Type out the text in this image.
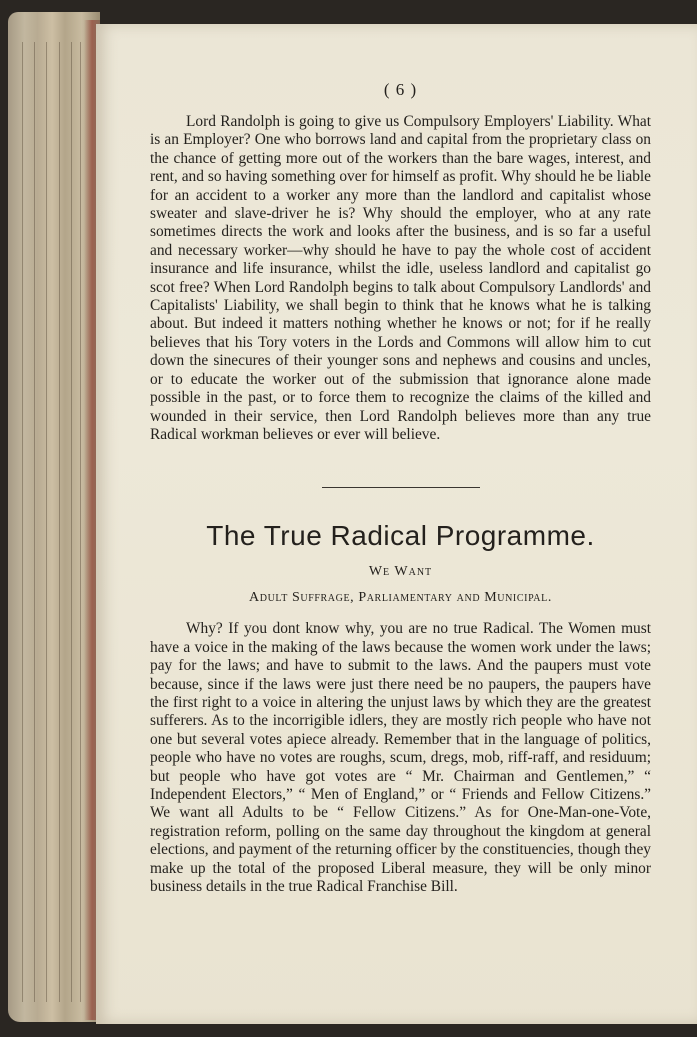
( 6 )

Lord Randolph is going to give us Compulsory Employers' Liability. What is an Employer? One who borrows land and capital from the proprietary class on the chance of getting more out of the workers than the bare wages, interest, and rent, and so having something over for himself as profit. Why should he be liable for an accident to a worker any more than the landlord and capitalist whose sweater and slave-driver he is? Why should the employer, who at any rate sometimes directs the work and looks after the business, and is so far a useful and necessary worker—why should he have to pay the whole cost of accident insurance and life insurance, whilst the idle, useless landlord and capitalist go scot free? When Lord Randolph begins to talk about Compulsory Landlords' and Capitalists' Liability, we shall begin to think that he knows what he is talking about. But indeed it matters nothing whether he knows or not; for if he really believes that his Tory voters in the Lords and Commons will allow him to cut down the sinecures of their younger sons and nephews and cousins and uncles, or to educate the worker out of the submission that ignorance alone made possible in the past, or to force them to recognize the claims of the killed and wounded in their service, then Lord Randolph believes more than any true Radical workman believes or ever will believe.

The True Radical Programme.
We Want
Adult Suffrage, Parliamentary and Municipal.

Why? If you dont know why, you are no true Radical. The Women must have a voice in the making of the laws because the women work under the laws; pay for the laws; and have to submit to the laws. And the paupers must vote because, since if the laws were just there need be no paupers, the paupers have the first right to a voice in altering the unjust laws by which they are the greatest sufferers. As to the incorrigible idlers, they are mostly rich people who have not one but several votes apiece already. Remember that in the language of politics, people who have no votes are roughs, scum, dregs, mob, riff-raff, and residuum; but people who have got votes are “ Mr. Chairman and Gentlemen,” “ Independent Electors,” “ Men of England,” or “ Friends and Fellow Citizens.” We want all Adults to be “ Fellow Citizens.” As for One-Man-one-Vote, registration reform, polling on the same day throughout the kingdom at general elections, and payment of the returning officer by the constituencies, though they make up the total of the proposed Liberal measure, they will be only minor business details in the true Radical Franchise Bill.
